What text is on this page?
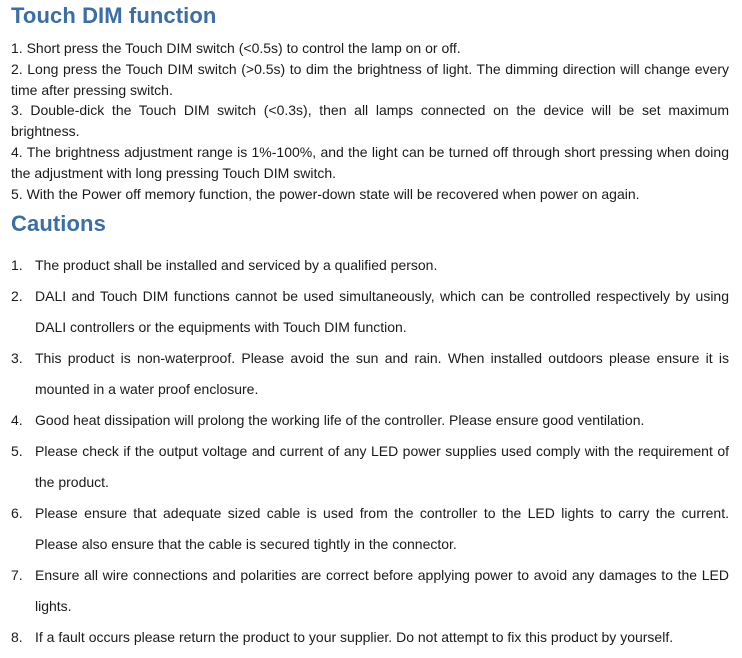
Touch DIM function

1. Short press the Touch DIM switch (<0.5s) to control the lamp on or off.

2. Long press the Touch DIM switch (>0.5s) to dim the brightness of light. The dimming direction will change every time after pressing switch.

3. Double-dick the Touch DIM switch (<0.3s), then all lamps connected on the device will be set maximum brightness.

4. The brightness adjustment range is 1%-100%, and the light can be turned off through short pressing when doing the adjustment with long pressing Touch DIM switch.

5. With the Power off memory function, the power-down state will be recovered when power on again.

Cautions
1. The product shall be installed and serviced by a qualified person.
2. DALI and Touch DIM functions cannot be used simultaneously, which can be controlled respectively by using DALI controllers or the equipments with Touch DIM function.
3. This product is non-waterproof. Please avoid the sun and rain. When installed outdoors please ensure it is mounted in a water proof enclosure.
4. Good heat dissipation will prolong the working life of the controller. Please ensure good ventilation.
5. Please check if the output voltage and current of any LED power supplies used comply with the requirement of the product.
6. Please ensure that adequate sized cable is used from the controller to the LED lights to carry the current. Please also ensure that the cable is secured tightly in the connector.
7. Ensure all wire connections and polarities are correct before applying power to avoid any damages to the LED lights.
8. If a fault occurs please return the product to your supplier. Do not attempt to fix this product by yourself.
